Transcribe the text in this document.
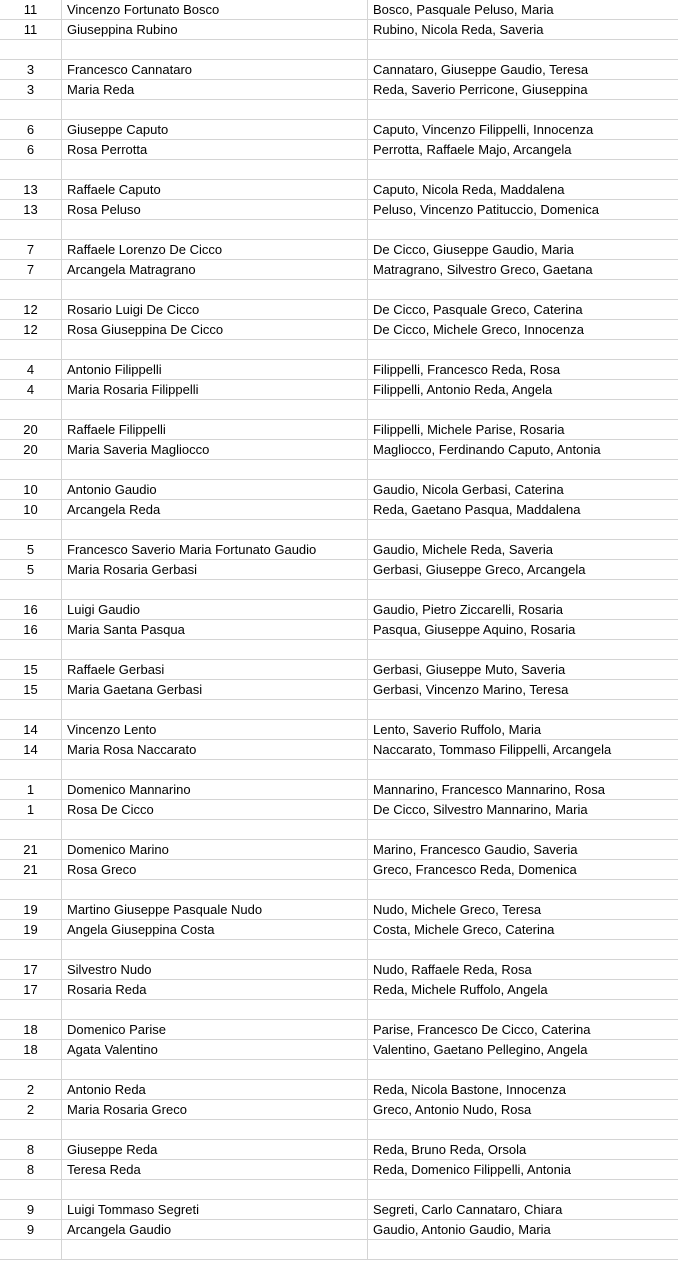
11	Vincenzo Fortunato Bosco	Bosco, Pasquale Peluso, Maria
11	Giuseppina Rubino	Rubino, Nicola Reda, Saveria
3	Francesco Cannataro	Cannataro, Giuseppe Gaudio, Teresa
3	Maria Reda	Reda, Saverio Perricone, Giuseppina
6	Giuseppe Caputo	Caputo, Vincenzo Filippelli, Innocenza
6	Rosa Perrotta	Perrotta, Raffaele Majo, Arcangela
13	Raffaele Caputo	Caputo, Nicola Reda, Maddalena
13	Rosa Peluso	Peluso, Vincenzo Patituccio, Domenica
7	Raffaele Lorenzo De Cicco	De Cicco, Giuseppe Gaudio, Maria
7	Arcangela Matragrano	Matragrano, Silvestro Greco, Gaetana
12	Rosario Luigi De Cicco	De Cicco, Pasquale Greco, Caterina
12	Rosa Giuseppina De Cicco	De Cicco, Michele Greco, Innocenza
4	Antonio Filippelli	Filippelli, Francesco Reda, Rosa
4	Maria Rosaria Filippelli	Filippelli, Antonio Reda, Angela
20	Raffaele Filippelli	Filippelli, Michele Parise, Rosaria
20	Maria Saveria Magliocco	Magliocco, Ferdinando Caputo, Antonia
10	Antonio Gaudio	Gaudio, Nicola Gerbasi, Caterina
10	Arcangela Reda	Reda, Gaetano Pasqua, Maddalena
5	Francesco Saverio Maria Fortunato Gaudio	Gaudio, Michele Reda, Saveria
5	Maria Rosaria Gerbasi	Gerbasi, Giuseppe Greco, Arcangela
16	Luigi Gaudio	Gaudio, Pietro Ziccarelli, Rosaria
16	Maria Santa Pasqua	Pasqua, Giuseppe Aquino, Rosaria
15	Raffaele Gerbasi	Gerbasi, Giuseppe Muto, Saveria
15	Maria Gaetana Gerbasi	Gerbasi, Vincenzo Marino, Teresa
14	Vincenzo Lento	Lento, Saverio Ruffolo, Maria
14	Maria Rosa Naccarato	Naccarato, Tommaso Filippelli, Arcangela
1	Domenico Mannarino	Mannarino, Francesco Mannarino, Rosa
1	Rosa De Cicco	De Cicco, Silvestro Mannarino, Maria
21	Domenico Marino	Marino, Francesco Gaudio, Saveria
21	Rosa Greco	Greco, Francesco Reda, Domenica
19	Martino Giuseppe Pasquale Nudo	Nudo, Michele Greco, Teresa
19	Angela Giuseppina Costa	Costa, Michele Greco, Caterina
17	Silvestro Nudo	Nudo, Raffaele Reda, Rosa
17	Rosaria Reda	Reda, Michele Ruffolo, Angela
18	Domenico Parise	Parise, Francesco De Cicco, Caterina
18	Agata Valentino	Valentino, Gaetano Pellegino, Angela
2	Antonio Reda	Reda, Nicola Bastone, Innocenza
2	Maria Rosaria Greco	Greco, Antonio Nudo, Rosa
8	Giuseppe Reda	Reda, Bruno Reda, Orsola
8	Teresa Reda	Reda, Domenico Filippelli, Antonia
9	Luigi Tommaso Segreti	Segreti, Carlo Cannataro, Chiara
9	Arcangela Gaudio	Gaudio, Antonio Gaudio, Maria
